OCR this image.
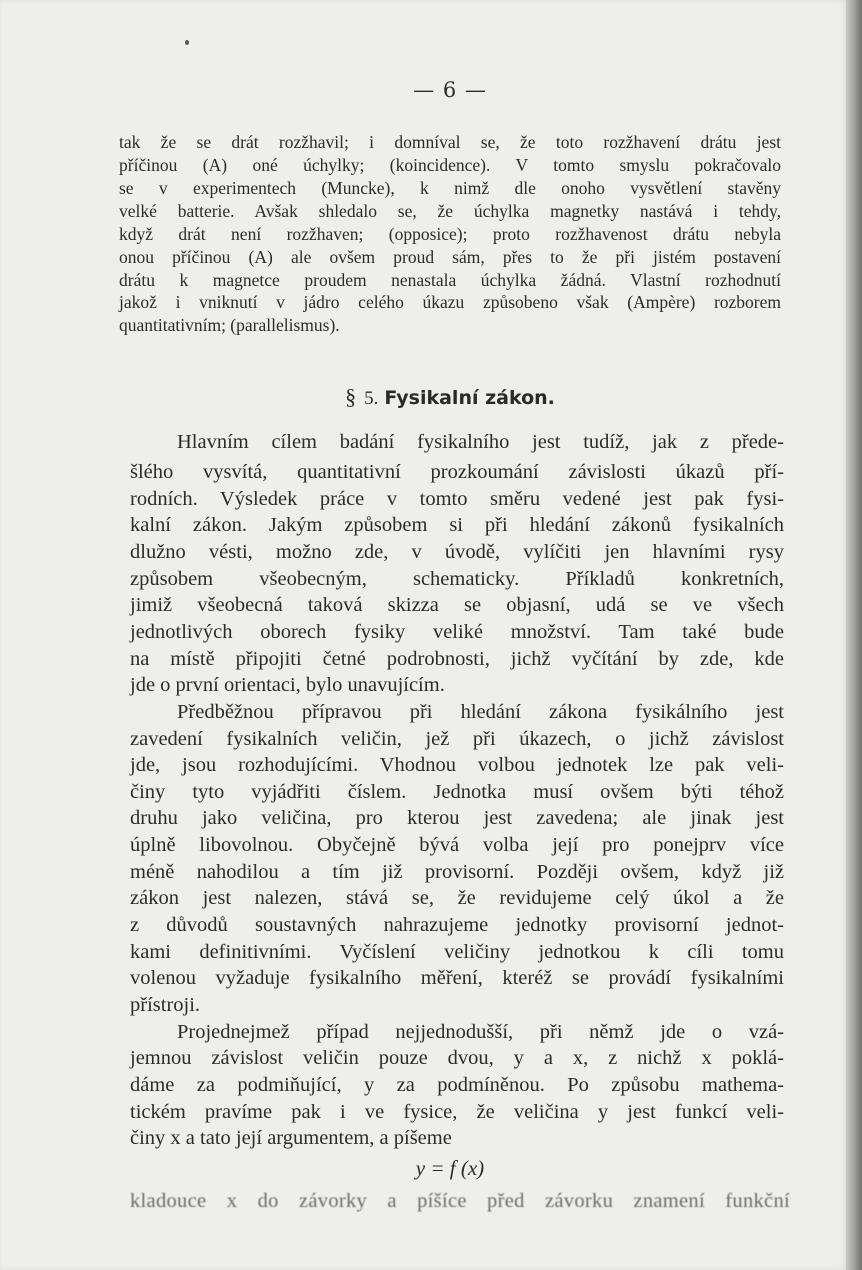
— 6 —
tak že se drát rozžhavil; i domníval se, že toto rozžhavení drátu jest
příčinou (A) oné úchylky; (koincidence). V tomto smyslu pokračovalo
se v experimentech (Muncke), k nimž dle onoho vysvětlení stavěny
velké batterie. Avšak shledalo se, že úchylka magnetky nastává i tehdy,
když drát není rozžhaven; (opposice); proto rozžhavenost drátu nebyla
onou příčinou (A) ale ovšem proud sám, přes to že při jistém postavení
drátu k magnetce proudem nenastala úchylka žádná. Vlastní rozhodnutí
jakož i vniknutí v jádro celého úkazu způsobeno však (Ampère) rozborem
quantitativním; (parallelismus).
§ 5. Fysikalní zákon.
Hlavním cílem badání fysikalního jest tudíž, jak z přede-
šlého vysvítá, quantitativní prozkoumání závislosti úkazů pří-
rodních. Výsledek práce v tomto směru vedené jest pak fysi-
kalní zákon. Jakým způsobem si při hledání zákonů fysikalních
dlužno vésti, možno zde, v úvodě, vylíčiti jen hlavními rysy
způsobem všeobecným, schematicky. Příkladů konkretních,
jimiž všeobecná taková skizza se objasní, udá se ve všech
jednotlivých oborech fysiky veliké množství. Tam také bude
na místě připojiti četné podrobnosti, jichž vyčítání by zde, kde
jde o první orientaci, bylo unavujícím.
Předběžnou přípravou při hledání zákona fysikálního jest
zavedení fysikalních veličin, jež při úkazech, o jichž závislost
jde, jsou rozhodujícími. Vhodnou volbou jednotek lze pak veli-
činy tyto vyjádřiti číslem. Jednotka musí ovšem býti téhož
druhu jako veličina, pro kterou jest zavedena; ale jinak jest
úplně libovolnou. Obyčejně bývá volba její pro ponejprv více
méně nahodilou a tím již provisorní. Později ovšem, když již
zákon jest nalezen, stává se, že revidujeme celý úkol a že
z důvodů soustavných nahrazujeme jednotky provisorní jednot-
kami definitivními. Vyčíslení veličiny jednotkou k cíli tomu
volenou vyžaduje fysikalního měření, kteréž se provádí fysikalními
přístroji.
Projednejmež případ nejjednodušší, při němž jde o vzá-
jemnou závislost veličin pouze dvou, y a x, z nichž x poklá-
dáme za podmiňující, y za podmíněnou. Po způsobu mathema-
tickém pravíme pak i ve fysice, že veličina y jest funkcí veli-
činy x a tato její argumentem, a píšeme
y = f (x)
kladouce x do závorky a píšíce před závorku znamení funkční
